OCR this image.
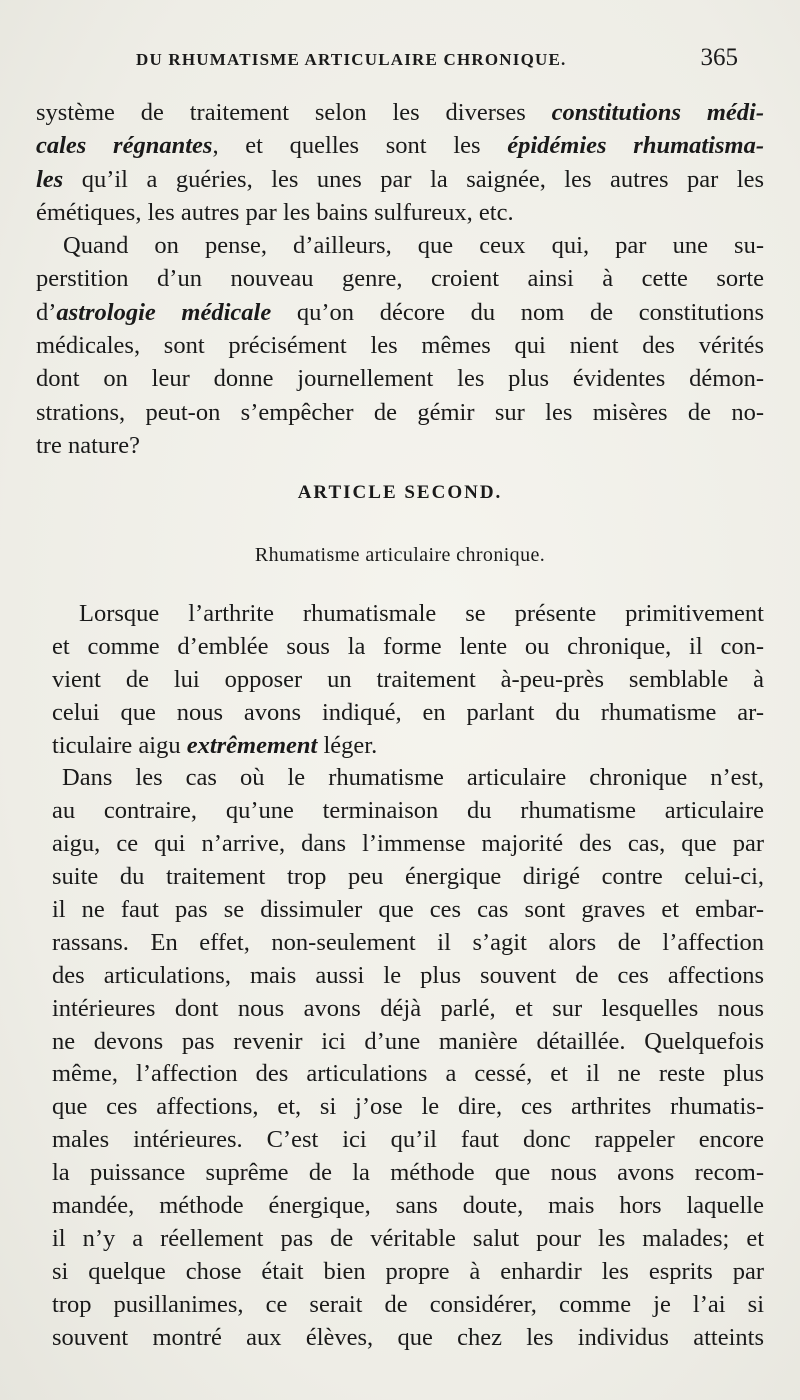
DU RHUMATISME ARTICULAIRE CHRONIQUE.	365
système de traitement selon les diverses constitutions médi-
cales régnantes, et quelles sont les épidémies rhumatisma-
les qu’il a guéries, les unes par la saignée, les autres par les
émétiques, les autres par les bains sulfureux, etc.
Quand on pense, d’ailleurs, que ceux qui, par une su-
perstition d’un nouveau genre, croient ainsi à cette sorte
d’astrologie médicale qu’on décore du nom de constitutions
médicales, sont précisément les mêmes qui nient des vérités
dont on leur donne journellement les plus évidentes démon-
strations, peut-on s’empêcher de gémir sur les misères de no-
tre nature?
ARTICLE SECOND.
Rhumatisme articulaire chronique.
Lorsque l’arthrite rhumatismale se présente primitivement
et comme d’emblée sous la forme lente ou chronique, il con-
vient de lui opposer un traitement à-peu-près semblable à
celui que nous avons indiqué, en parlant du rhumatisme ar-
ticulaire aigu extrêmement léger.
Dans les cas où le rhumatisme articulaire chronique n’est,
au contraire, qu’une terminaison du rhumatisme articulaire
aigu, ce qui n’arrive, dans l’immense majorité des cas, que par
suite du traitement trop peu énergique dirigé contre celui-ci,
il ne faut pas se dissimuler que ces cas sont graves et embar-
rassans. En effet, non-seulement il s’agit alors de l’affection
des articulations, mais aussi le plus souvent de ces affections
intérieures dont nous avons déjà parlé, et sur lesquelles nous
ne devons pas revenir ici d’une manière détaillée. Quelquefois
même, l’affection des articulations a cessé, et il ne reste plus
que ces affections, et, si j’ose le dire, ces arthrites rhumatis-
males intérieures. C’est ici qu’il faut donc rappeler encore
la puissance suprême de la méthode que nous avons recom-
mandée, méthode énergique, sans doute, mais hors laquelle
il n’y a réellement pas de véritable salut pour les malades; et
si quelque chose était bien propre à enhardir les esprits par
trop pusillanimes, ce serait de considérer, comme je l’ai si
souvent montré aux élèves, que chez les individus atteints
